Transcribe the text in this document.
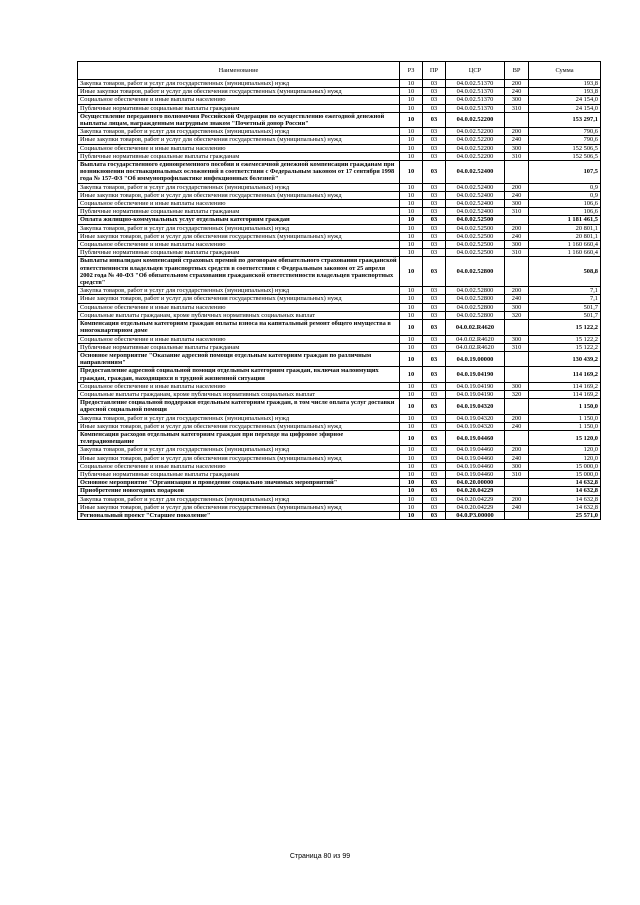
Наименование	РЗ	ПР	ЦСР	ВР	Сумма
Закупка товаров, работ и услуг для государственных (муниципальных) нужд	10	03	04.0.02.51370	200	193,8
Иные закупки товаров, работ и услуг для обеспечения государственных (муниципальных) нужд	10	03	04.0.02.51370	240	193,8
Социальное обеспечение и иные выплаты населению	10	03	04.0.02.51370	300	24 154,0
Публичные нормативные социальные выплаты гражданам	10	03	04.0.02.51370	310	24 154,0
Осуществление переданного полномочия Российской Федерации по осуществлению ежегодной денежной выплаты лицам, награжденным нагрудным знаком "Почетный донор России"	10	03	04.0.02.52200		153 297,1
Закупка товаров, работ и услуг для государственных (муниципальных) нужд	10	03	04.0.02.52200	200	790,6
Иные закупки товаров, работ и услуг для обеспечения государственных (муниципальных) нужд	10	03	04.0.02.52200	240	790,6
Социальное обеспечение и иные выплаты населению	10	03	04.0.02.52200	300	152 506,5
Публичные нормативные социальные выплаты гражданам	10	03	04.0.02.52200	310	152 506,5
Выплата государственного единовременного пособия и ежемесячной денежной компенсации гражданам при возникновении поствакцинальных осложнений в соответствии с Федеральным законом от 17 сентября 1998 года № 157-ФЗ "Об иммунопрофилактике инфекционных болезней"	10	03	04.0.02.52400		107,5
Закупка товаров, работ и услуг для государственных (муниципальных) нужд	10	03	04.0.02.52400	200	0,9
Иные закупки товаров, работ и услуг для обеспечения государственных (муниципальных) нужд	10	03	04.0.02.52400	240	0,9
Социальное обеспечение и иные выплаты населению	10	03	04.0.02.52400	300	106,6
Публичные нормативные социальные выплаты гражданам	10	03	04.0.02.52400	310	106,6
Оплата жилищно-коммунальных услуг отдельным категориям граждан	10	03	04.0.02.52500		1 181 461,5
Закупка товаров, работ и услуг для государственных (муниципальных) нужд	10	03	04.0.02.52500	200	20 801,1
Иные закупки товаров, работ и услуг для обеспечения государственных (муниципальных) нужд	10	03	04.0.02.52500	240	20 801,1
Социальное обеспечение и иные выплаты населению	10	03	04.0.02.52500	300	1 160 660,4
Публичные нормативные социальные выплаты гражданам	10	03	04.0.02.52500	310	1 160 660,4
Выплаты инвалидам компенсаций страховых премий по договорам обязательного страхования гражданской ответственности владельцев транспортных средств в соответствии с Федеральным законом от 25 апреля 2002 года № 40-ФЗ "Об обязательном страховании гражданской ответственности владельцев транспортных средств"	10	03	04.0.02.52800		508,8
Закупка товаров, работ и услуг для государственных (муниципальных) нужд	10	03	04.0.02.52800	200	7,1
Иные закупки товаров, работ и услуг для обеспечения государственных (муниципальных) нужд	10	03	04.0.02.52800	240	7,1
Социальное обеспечение и иные выплаты населению	10	03	04.0.02.52800	300	501,7
Социальные выплаты гражданам, кроме публичных нормативных социальных выплат	10	03	04.0.02.52800	320	501,7
Компенсация отдельным категориям граждан оплаты взноса на капитальный ремонт общего имущества в многоквартирном доме	10	03	04.0.02.R4620		15 122,2
Социальное обеспечение и иные выплаты населению	10	03	04.0.02.R4620	300	15 122,2
Публичные нормативные социальные выплаты гражданам	10	03	04.0.02.R4620	310	15 122,2
Основное мероприятие "Оказание адресной помощи отдельным категориям граждан по различным направлениям"	10	03	04.0.19.00000		130 439,2
Предоставление адресной социальной помощи отдельным категориям граждан, включая малоимущих граждан, граждан, находящихся в трудной жизненной ситуации	10	03	04.0.19.04190		114 169,2
Социальное обеспечение и иные выплаты населению	10	03	04.0.19.04190	300	114 169,2
Социальные выплаты гражданам, кроме публичных нормативных социальных выплат	10	03	04.0.19.04190	320	114 169,2
Предоставление социальной поддержки отдельным категориям граждан, в том числе оплата услуг доставки адресной социальной помощи	10	03	04.0.19.04320		1 150,0
Закупка товаров, работ и услуг для государственных (муниципальных) нужд	10	03	04.0.19.04320	200	1 150,0
Иные закупки товаров, работ и услуг для обеспечения государственных (муниципальных) нужд	10	03	04.0.19.04320	240	1 150,0
Компенсация расходов отдельным категориям граждан при переходе на цифровое эфирное телерадиовещание	10	03	04.0.19.04460		15 120,0
Закупка товаров, работ и услуг для государственных (муниципальных) нужд	10	03	04.0.19.04460	200	120,0
Иные закупки товаров, работ и услуг для обеспечения государственных (муниципальных) нужд	10	03	04.0.19.04460	240	120,0
Социальное обеспечение и иные выплаты населению	10	03	04.0.19.04460	300	15 000,0
Публичные нормативные социальные выплаты гражданам	10	03	04.0.19.04460	310	15 000,0
Основное мероприятие "Организация и проведение социально значимых мероприятий"	10	03	04.0.20.00000		14 632,8
Приобретение новогодних подарков	10	03	04.0.20.04229		14 632,8
Закупка товаров, работ и услуг для государственных (муниципальных) нужд	10	03	04.0.20.04229	200	14 632,8
Иные закупки товаров, работ и услуг для обеспечения государственных (муниципальных) нужд	10	03	04.0.20.04229	240	14 632,8
Региональный проект "Старшее поколение"	10	03	04.0.Р3.00000		25 571,0
Страница 80 из 99
